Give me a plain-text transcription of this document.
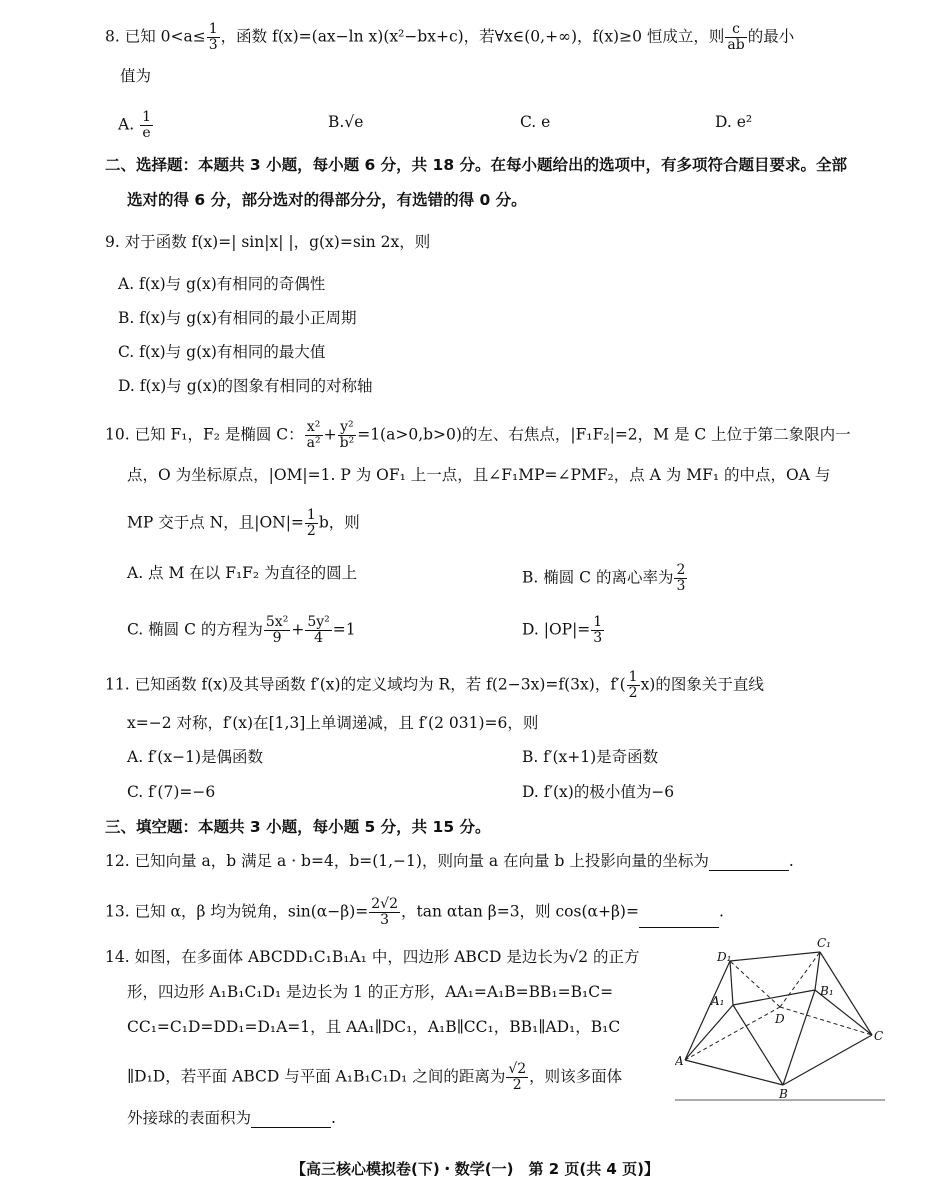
8. 已知 $0<a\le \frac{1}{3}$ ，函数 f(x)=(ax−ln x)(x²−bx+c)，若∀x∈(0,+∞)，f(x)≥0 恒成立，则 $\frac{c}{ab}$ 的最小
值为
A. $\frac{1}{e}$	B.√e	C. e	D. e²
二、选择题：本题共 3 小题，每小题 6 分，共 18 分。在每小题给出的选项中，有多项符合题目要求。全部
选对的得 6 分，部分选对的得部分分，有选错的得 0 分。
9. 对于函数 f(x)=| sin|x| |，g(x)=sin 2x，则
A. f(x)与 g(x)有相同的奇偶性
B. f(x)与 g(x)有相同的最小正周期
C. f(x)与 g(x)有相同的最大值
D. f(x)与 g(x)的图象有相同的对称轴
10. 已知 F₁，F₂ 是椭圆 C： $\frac{\text{x²}}{\text{a²}} + \frac{\text{y²}}{\text{b²}} =1(a>0,b>0)$的左、右焦点，|F₁F₂|=2，M 是 C 上位于第二象限内一
点，O 为坐标原点，|OM|=1. P 为 OF₁ 上一点，且∠F₁MP=∠PMF₂，点 A 为 MF₁ 的中点，OA 与
MP 交于点 N，且$|ON|= \frac{1}{2}$ b，则
A. 点 M 在以 F₁F₂ 为直径的圆上	B. 椭圆 C 的离心率为 $\frac{2}{3}$
C. 椭圆 C 的方程为 $\frac{\text{5x²}}{9} + \frac{\text{5y²}}{4} =1$	D. $|OP|= \frac{1}{3}$
11. 已知函数 f(x)及其导函数 f′(x)的定义域均为 R，若 f(2−3x)=f(3x)，$f'( \frac{1}{2} x)$的图象关于直线
x=−2 对称，f′(x)在[1,3]上单调递减，且 f′(2 031)=6，则
A. f′(x−1)是偶函数	B. f′(x+1)是奇函数
C. f′(7)=−6	D. f′(x)的极小值为−6
三、填空题：本题共 3 小题，每小题 5 分，共 15 分。
12. 已知向量 a，b 满足 a · b=4，b=(1,−1)，则向量 a 在向量 b 上投影向量的坐标为	.
13. 已知 α，β 均为锐角，$\sin(\alpha-\beta)= \frac{2√2}{3}$ ，tan αtan β=3，则 cos(α+β)=	.
14. 如图，在多面体 ABCDD₁C₁B₁A₁ 中，四边形 ABCD 是边长为√2 的正方
形，四边形 A₁B₁C₁D₁ 是边长为 1 的正方形，AA₁=A₁B=BB₁=B₁C=
CC₁=C₁D=DD₁=D₁A=1，且 AA₁∥DC₁，A₁B∥CC₁，BB₁∥AD₁，B₁C
∥D₁D，若平面 ABCD 与平面 A₁B₁C₁D₁ 之间的距离为 $\frac{√2}{2}$ ，则该多面体
外接球的表面积为	.
D₁
C₁
A₁
B₁
D
A
B
C
【高三核心模拟卷(下)・数学(一)　第 2 页(共 4 页)】
